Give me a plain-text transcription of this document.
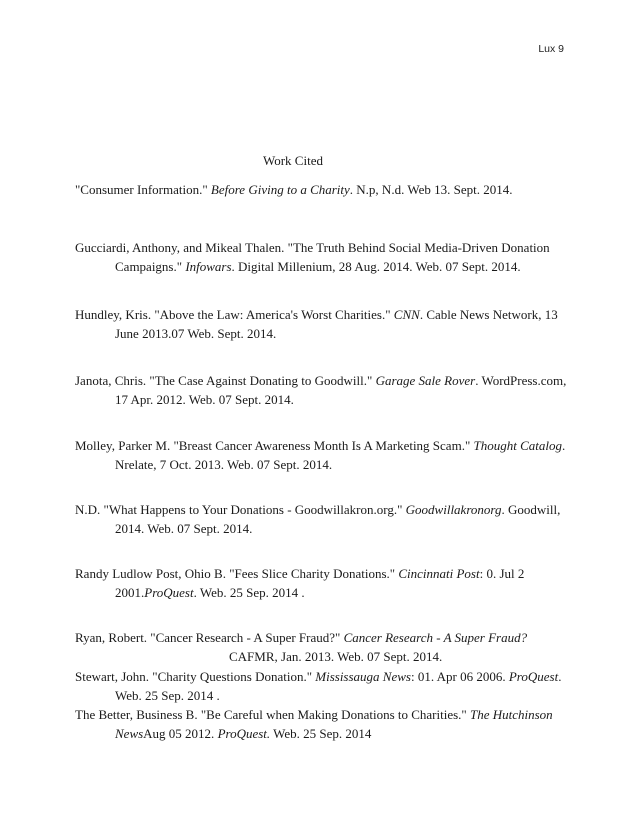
Lux 9
Work Cited
"Consumer Information." Before Giving to a Charity. N.p, N.d. Web 13. Sept. 2014.
Gucciardi, Anthony, and Mikeal Thalen. "The Truth Behind Social Media-Driven Donation
Campaigns." Infowars. Digital Millenium, 28 Aug. 2014. Web. 07 Sept. 2014.
Hundley, Kris. "Above the Law: America's Worst Charities." CNN. Cable News Network, 13
June 2013.07 Web. Sept. 2014.
Janota, Chris. "The Case Against Donating to Goodwill." Garage Sale Rover. WordPress.com,
17 Apr. 2012. Web. 07 Sept. 2014.
Molley, Parker M. "Breast Cancer Awareness Month Is A Marketing Scam." Thought Catalog.
Nrelate, 7 Oct. 2013. Web. 07 Sept. 2014.
N.D. "What Happens to Your Donations - Goodwillakron.org." Goodwillakronorg. Goodwill,
2014. Web. 07 Sept. 2014.
Randy Ludlow Post, Ohio B. "Fees Slice Charity Donations." Cincinnati Post: 0. Jul 2
2001.ProQuest. Web. 25 Sep. 2014 .
Ryan, Robert. "Cancer Research - A Super Fraud?" Cancer Research - A Super Fraud?
CAFMR, Jan. 2013. Web. 07 Sept. 2014.
Stewart, John. "Charity Questions Donation." Mississauga News: 01. Apr 06 2006. ProQuest.
Web. 25 Sep. 2014 .
The Better, Business B. "Be Careful when Making Donations to Charities." The Hutchinson
NewsAug 05 2012. ProQuest. Web. 25 Sep. 2014
